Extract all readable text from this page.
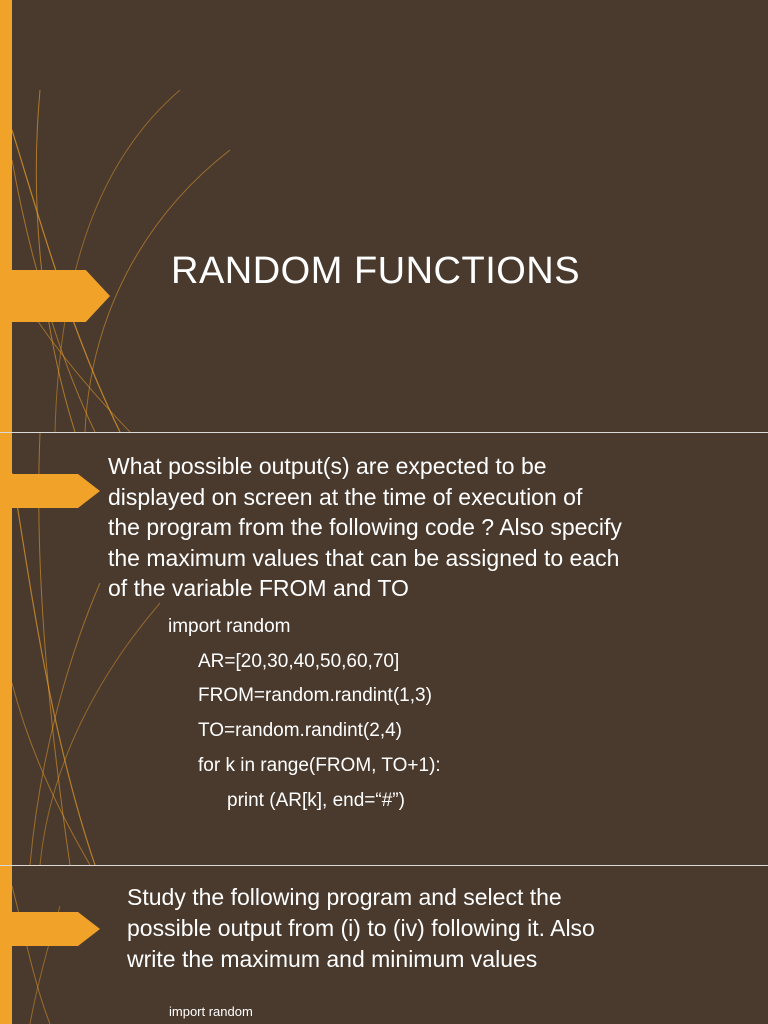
RANDOM FUNCTIONS

What possible output(s) are expected to be

displayed on screen at the time of execution of

the program from the following code ? Also specify

the maximum values that can be assigned to each

of the variable FROM and TO

import random
AR=[20,30,40,50,60,70]
FROM=random.randint(1,3)
TO=random.randint(2,4)
for k in range(FROM, TO+1):
print (AR[k], end=“#”)

Study the following program and select the

possible output from (i) to (iv) following it. Also

write the maximum and minimum values

import random
